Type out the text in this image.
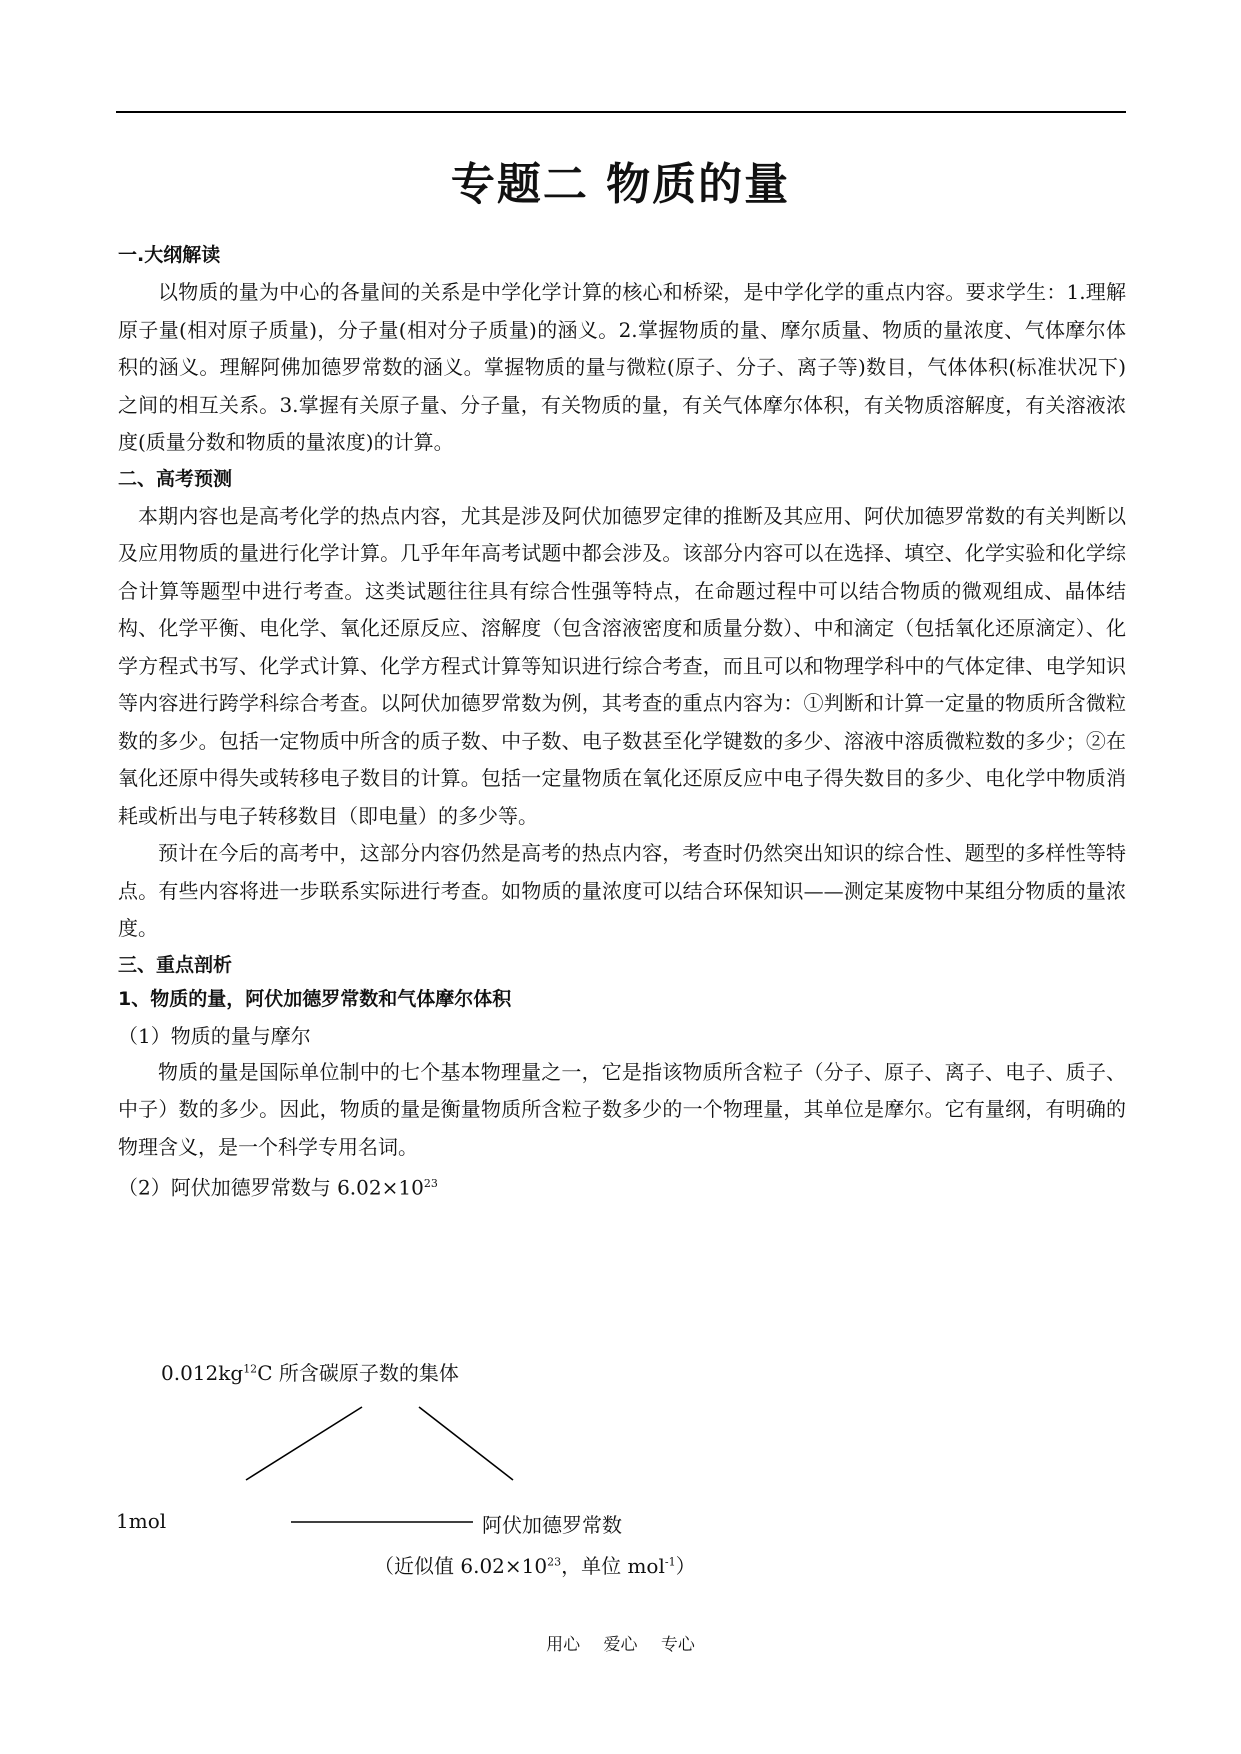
专题二 物质的量
一.大纲解读

以物质的量为中心的各量间的关系是中学化学计算的核心和桥梁，是中学化学的重点内容。要求学生：1.理解原子量(相对原子质量)，分子量(相对分子质量)的涵义。2.掌握物质的量、摩尔质量、物质的量浓度、气体摩尔体积的涵义。理解阿佛加德罗常数的涵义。掌握物质的量与微粒(原子、分子、离子等)数目，气体体积(标准状况下)之间的相互关系。3.掌握有关原子量、分子量，有关物质的量，有关气体摩尔体积，有关物质溶解度，有关溶液浓度(质量分数和物质的量浓度)的计算。

二、高考预测

本期内容也是高考化学的热点内容，尤其是涉及阿伏加德罗定律的推断及其应用、阿伏加德罗常数的有关判断以及应用物质的量进行化学计算。几乎年年高考试题中都会涉及。该部分内容可以在选择、填空、化学实验和化学综合计算等题型中进行考查。这类试题往往具有综合性强等特点，在命题过程中可以结合物质的微观组成、晶体结构、化学平衡、电化学、氧化还原反应、溶解度（包含溶液密度和质量分数）、中和滴定（包括氧化还原滴定）、化学方程式书写、化学式计算、化学方程式计算等知识进行综合考查，而且可以和物理学科中的气体定律、电学知识等内容进行跨学科综合考查。以阿伏加德罗常数为例，其考查的重点内容为：①判断和计算一定量的物质所含微粒数的多少。包括一定物质中所含的质子数、中子数、电子数甚至化学键数的多少、溶液中溶质微粒数的多少；②在氧化还原中得失或转移电子数目的计算。包括一定量物质在氧化还原反应中电子得失数目的多少、电化学中物质消耗或析出与电子转移数目（即电量）的多少等。

预计在今后的高考中，这部分内容仍然是高考的热点内容，考查时仍然突出知识的综合性、题型的多样性等特点。有些内容将进一步联系实际进行考查。如物质的量浓度可以结合环保知识——测定某废物中某组分物质的量浓度。

三、重点剖析
1、物质的量，阿伏加德罗常数和气体摩尔体积
（1）物质的量与摩尔

物质的量是国际单位制中的七个基本物理量之一，它是指该物质所含粒子（分子、原子、离子、电子、质子、中子）数的多少。因此，物质的量是衡量物质所含粒子数多少的一个物理量，其单位是摩尔。它有量纲，有明确的物理含义，是一个科学专用名词。

（2）阿伏加德罗常数与 $6.02\times 10^{23}$
$0.012kg^{12}C$ 所含碳原子数的集体
1mol	阿伏加德罗常数
（近似值 $6.02\times 10^{23}$，单位 mol$^{-1}$）
用心 爱心 专心
